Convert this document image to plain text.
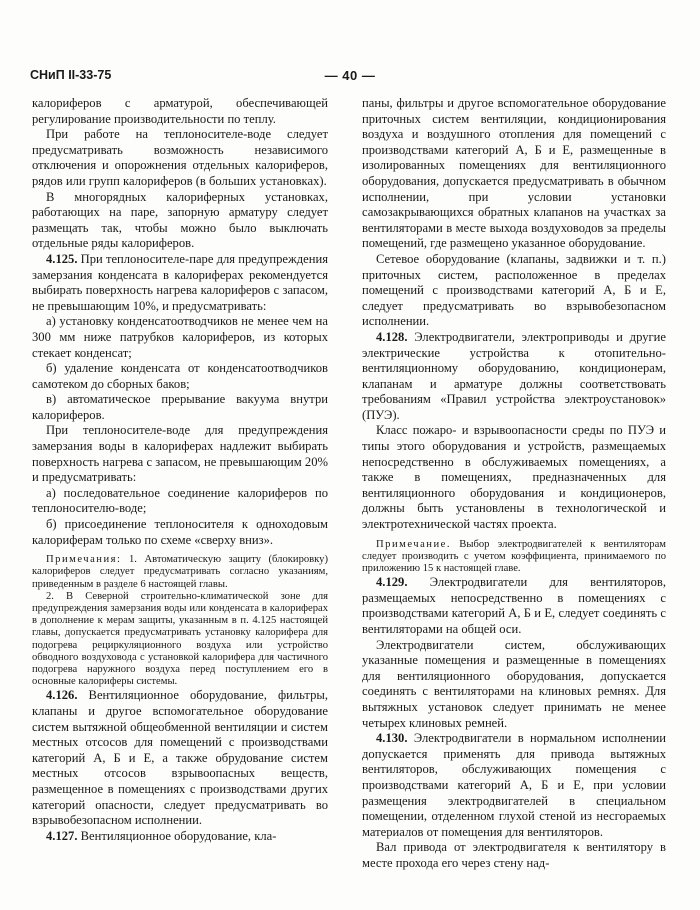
СНиП II-33-75	— 40 —

калориферов с арматурой, обеспечивающей регулирование производительности по теплу.

При работе на теплоносителе-воде следует предусматривать возможность независимого отключения и опорожнения отдельных калориферов, рядов или групп калориферов (в больших установках).

В многорядных калориферных установках, работающих на паре, запорную арматуру следует размещать так, чтобы можно было выключать отдельные ряды калориферов.

4.125. При теплоносителе-паре для предупреждения замерзания конденсата в калориферах рекомендуется выбирать поверхность нагрева калориферов с запасом, не превышающим 10%, и предусматривать:

а) установку конденсатоотводчиков не менее чем на 300 мм ниже патрубков калориферов, из которых стекает конденсат;

б) удаление конденсата от конденсатоотводчиков самотеком до сборных баков;

в) автоматическое прерывание вакуума внутри калориферов.

При теплоносителе-воде для предупреждения замерзания воды в калориферах надлежит выбирать поверхность нагрева с запасом, не превышающим 20% и предусматривать:

а) последовательное соединение калориферов по теплоносителю-воде;

б) присоединение теплоносителя к одноходовым калориферам только по схеме «сверху вниз».

Примечания: 1. Автоматическую защиту (блокировку) калориферов следует предусматривать согласно указаниям, приведенным в разделе 6 настоящей главы.

2. В Северной строительно-климатической зоне для предупреждения замерзания воды или конденсата в калориферах в дополнение к мерам защиты, указанным в п. 4.125 настоящей главы, допускается предусматривать установку калорифера для подогрева рециркуляционного воздуха или устройство обводного воздуховода с установкой калорифера для частичного подогрева наружного воздуха перед поступлением его в основные калориферы системы.

4.126. Вентиляционное оборудование, фильтры, клапаны и другое вспомогательное оборудование систем вытяжной общеобменной вентиляции и систем местных отсосов для помещений с производствами категорий А, Б и Е, а также обрудование систем местных отсосов взрывоопасных веществ, размещенное в помещениях с производствами других категорий опасности, следует предусматривать во взрывобезопасном исполнении.

4.127. Вентиляционное оборудование, кла-

паны, фильтры и другое вспомогательное оборудование приточных систем вентиляции, кондиционирования воздуха и воздушного отопления для помещений с производствами категорий А, Б и Е, размещенные в изолированных помещениях для вентиляционного оборудования, допускается предусматривать в обычном исполнении, при условии установки самозакрывающихся обратных клапанов на участках за вентиляторами в месте выхода воздуховодов за пределы помещений, где размещено указанное оборудование.

Сетевое оборудование (клапаны, задвижки и т. п.) приточных систем, расположенное в пределах помещений с производствами категорий А, Б и Е, следует предусматривать во взрывобезопасном исполнении.

4.128. Электродвигатели, электроприводы и другие электрические устройства к отопительно-вентиляционному оборудованию, кондиционерам, клапанам и арматуре должны соответствовать требованиям «Правил устройства электроустановок» (ПУЭ).

Класс пожаро- и взрывоопасности среды по ПУЭ и типы этого оборудования и устройств, размещаемых непосредственно в обслуживаемых помещениях, а также в помещениях, предназначенных для вентиляционного оборудования и кондиционеров, должны быть установлены в технологической и электротехнической частях проекта.

Примечание. Выбор электродвигателей к вентиляторам следует производить с учетом коэффициента, принимаемого по приложению 15 к настоящей главе.

4.129. Электродвигатели для вентиляторов, размещаемых непосредственно в помещениях с производствами категорий А, Б и Е, следует соединять с вентиляторами на общей оси.

Электродвигатели систем, обслуживающих указанные помещения и размещенные в помещениях для вентиляционного оборудования, допускается соединять с вентиляторами на клиновых ремнях. Для вытяжных установок следует принимать не менее четырех клиновых ремней.

4.130. Электродвигатели в нормальном исполнении допускается применять для привода вытяжных вентиляторов, обслуживающих помещения с производствами категорий А, Б и Е, при условии размещения электродвигателей в специальном помещении, отделенном глухой стеной из несгораемых материалов от помещения для вентиляторов.

Вал привода от электродвигателя к вентилятору в месте прохода его через стену над-
